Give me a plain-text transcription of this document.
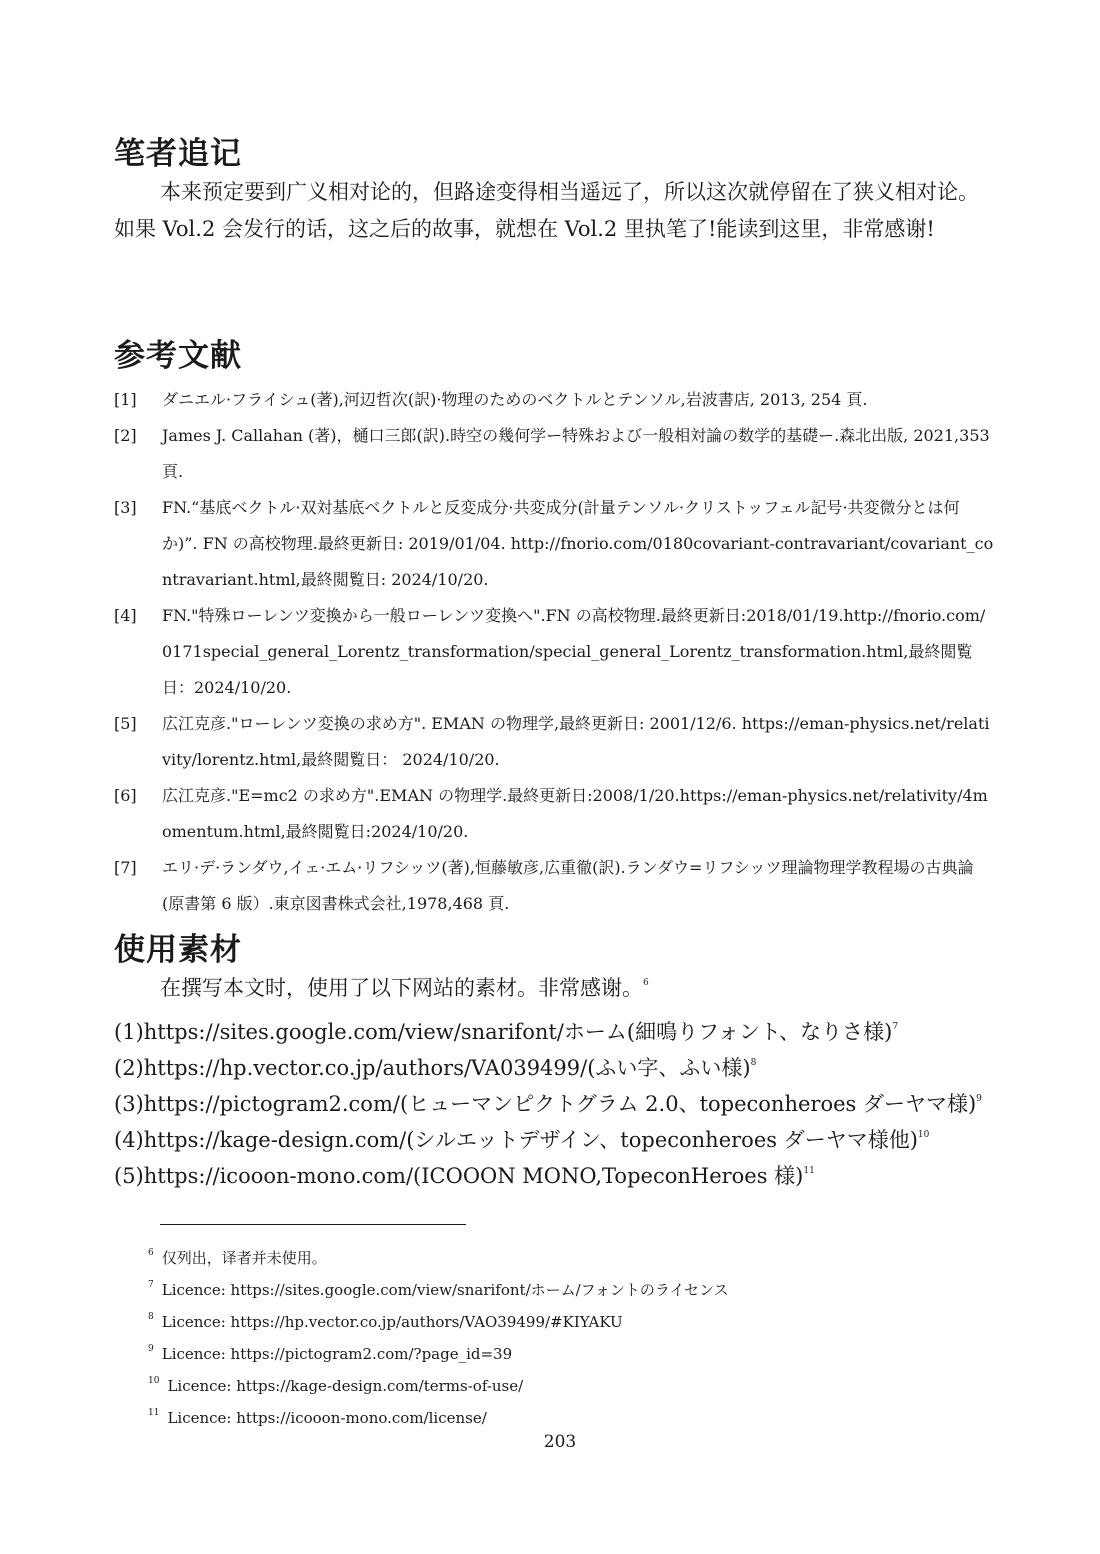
笔者追记

本来预定要到广义相对论的，但路途变得相当遥远了，所以这次就停留在了狭义相对论。如果 Vol.2 会发行的话，这之后的故事，就想在 Vol.2 里执笔了!能读到这里，非常感谢!

参考文献
[1] ダニエル·フライシュ(著),河辺哲次(訳)·物理のためのベクトルとテンソル,岩波書店, 2013, 254 頁.
[2] James J. Callahan (著)，樋口三郎(訳).時空の幾何学ー特殊および一般相対論の数学的基礎ー.森北出版, 2021,353 頁.
[3] FN.“基底ベクトル·双対基底ベクトルと反変成分·共変成分(計量テンソル·クリストッフェル記号·共変微分とは何か)”. FN の高校物理.最終更新日: 2019/01/04. http://fnorio.com/0180covariant-contravariant/covariant_contravariant.html,最終閲覧日: 2024/10/20.
[4] FN."特殊ローレンツ変換から一般ローレンツ変換へ".FN の高校物理.最終更新日:2018/01/19.http://fnorio.com/0171special_general_Lorentz_transformation/special_general_Lorentz_transformation.html,最終閲覧日：2024/10/20.
[5] 広江克彦."ローレンツ変換の求め方". EMAN の物理学,最終更新日: 2001/12/6. https://eman-physics.net/relativity/lorentz.html,最終閲覧日： 2024/10/20.
[6] 広江克彦."E=mc2 の求め方".EMAN の物理学.最終更新日:2008/1/20.https://eman-physics.net/relativity/4momentum.html,最終閲覧日:2024/10/20.
[7] エリ·デ·ランダウ,イェ·エム·リフシッツ(著),恒藤敏彦,広重徹(訳).ランダウ=リフシッツ理論物理学教程場の古典論(原書第 6 版）.東京図書株式会社,1978,468 頁.
使用素材

在撰写本文时，使用了以下网站的素材。非常感谢。$^6$

(1)https://sites.google.com/view/snarifont/ホーム(細鳴りフォント、なりさ様)$^7$
(2)https://hp.vector.co.jp/authors/VA039499/(ふい字、ふい様)$^8$
(3)https://pictogram2.com/(ヒューマンピクトグラム 2.0、topeconheroes ダーヤマ様)$^9$
(4)https://kage-design.com/(シルエットデザイン、topeconheroes ダーヤマ様他)$^{10}$
(5)https://icooon-mono.com/(ICOOON MONO,TopeconHeroes 様)$^{11}$
$^6$ 仅列出，译者并未使用。
$^7$ Licence: https://sites.google.com/view/snarifont/ホーム/フォントのライセンス
$^8$ Licence: https://hp.vector.co.jp/authors/VAO39499/#KIYAKU
$^9$ Licence: https://pictogram2.com/?page_id=39
$^{10}$ Licence: https://kage-design.com/terms-of-use/
$^{11}$ Licence: https://icooon-mono.com/license/
203
